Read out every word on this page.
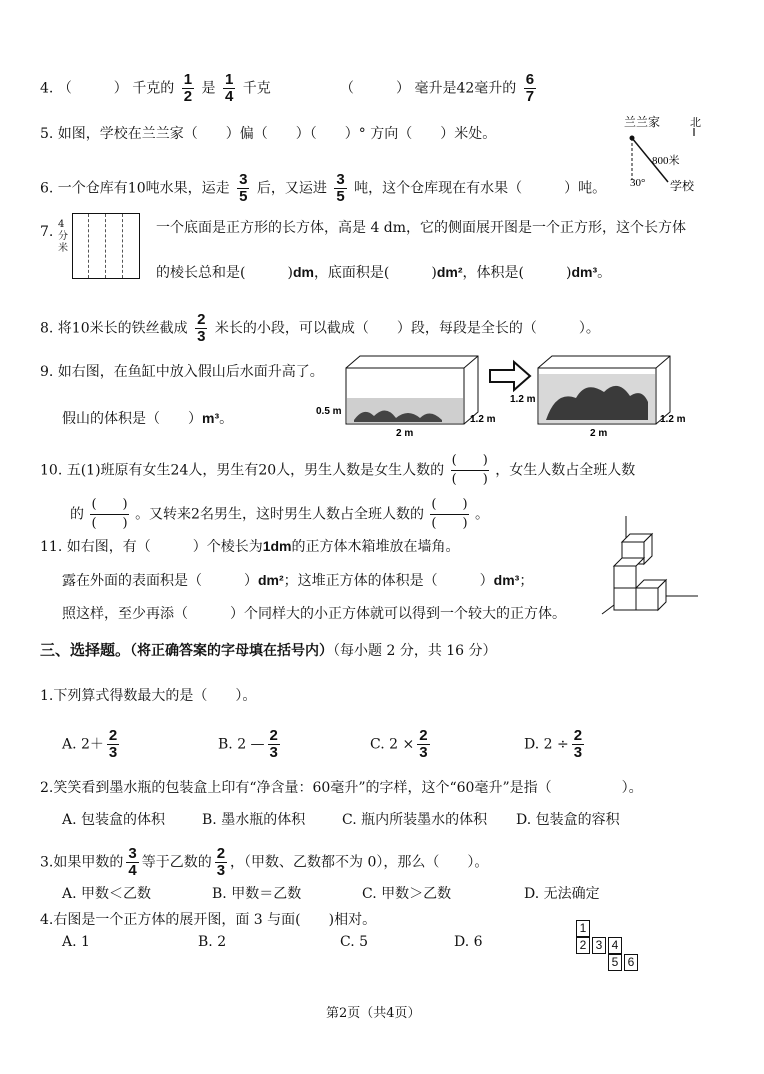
4. （　　　） 千克的 $\frac{1}{2}$ 是 $\frac{1}{4}$ 千克	（　　　） 毫升是42毫升的 $\frac{6}{7}$
5. 如图，学校在兰兰家（　　）偏（　　）（　　）° 方向（　　）米处。
兰兰家	北
800米
30° 学校
6. 一个仓库有10吨水果，运走 $\frac{3}{5}$ 后，又运进 $\frac{3}{5}$ 吨，这个仓库现在有水果（　　　）吨。
7. 4分米
一个底面是正方形的长方体，高是 4 dm，它的侧面展开图是一个正方形，这个长方体
的棱长总和是(　　　)dm，底面积是(　　　)dm²，体积是(　　　)dm³。
8. 将10米长的铁丝截成 $\frac{2}{3}$ 米长的小段，可以截成（　　）段，每段是全长的（　　　）。
9. 如右图，在鱼缸中放入假山后水面升高了。
假山的体积是（　　）m³。	0.5 m
2 m
1.2 m
1.2 m
2 m
1.2 m
10. 五(1)班原有女生24人，男生有20人，男生人数是女生人数的
(　　)
(　　)
，女生人数占全班人数
的
(　　)
(　　)
。又转来2名男生，这时男生人数占全班人数的
(　　)
(　　)
。
11. 如右图，有（　　　）个棱长为1dm的正方体木箱堆放在墙角。
露在外面的表面积是（　　　）dm²；这堆正方体的体积是（　　　）dm³；
照这样，至少再添（　　　）个同样大的小正方体就可以得到一个较大的正方体。
三、选择题。（将正确答案的字母填在括号内）（每小题 2 分，共 16 分）
1.下列算式得数最大的是（　　）。
A. $2+ \frac{2}{3}$	B. 2 — $\frac{2}{3}$	C. $2 \times \frac{2}{3}$	D. $2 \div \frac{2}{3}$
2.笑笑看到墨水瓶的包装盒上印有“净含量：60毫升”的字样，这个“60毫升”是指（　　　　　）。
A. 包装盒的体积	B. 墨水瓶的体积	C. 瓶内所装墨水的体积 D. 包装盒的容积
3.如果甲数的 $\frac{3}{4}$ 等于乙数的 $\frac{2}{3}$ ，（甲数、乙数都不为 0），那么（　　）。
A. 甲数＜乙数	B. 甲数＝乙数	C. 甲数＞乙数	D. 无法确定
4.右图是一个正方体的展开图，面 3 与面(　　)相对。
A. 1	B. 2	C. 5	D. 6
1
2 3 4
5 6
第2页（共4页）
